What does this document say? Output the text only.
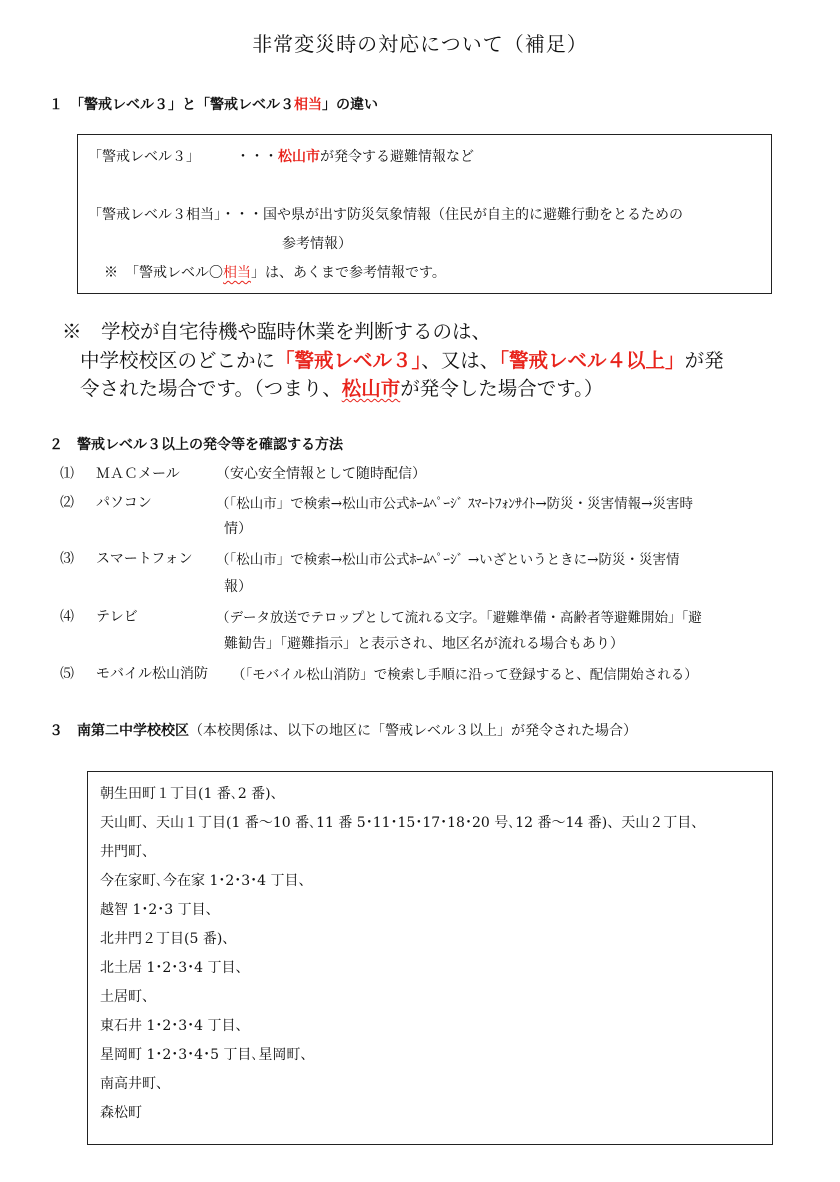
非常変災時の対応について（補足）
１　「警戒レベル３」と「警戒レベル３相当」の違い
「警戒レベル３」	・・・松山市が発令する避難情報など
「警戒レベル３相当」・・・国や県が出す防災気象情報（住民が自主的に避難行動をとるための
参考情報）
※　「警戒レベル〇相当」は、あくまで参考情報です。
※　学校が自宅待機や臨時休業を判断するのは、
中学校校区のどこかに「警戒レベル３」、又は、「警戒レベル４以上」が発
令された場合です。（つまり、松山市が発令した場合です。）
２　警戒レベル３以上の発令等を確認する方法
⑴ ＭＡＣメール	（安心安全情報として随時配信）
⑵ パソコン	（「松山市」で検索→松山市公式ﾎｰﾑﾍﾟｰｼﾞ ｽﾏｰﾄﾌｫﾝｻｲﾄ→防災・災害情報→災害時
情）
⑶ スマートフォン （「松山市」で検索→松山市公式ﾎｰﾑﾍﾟｰｼﾞ →いざというときに→防災・災害情
報）
⑷ テレビ	（データ放送でテロップとして流れる文字。「避難準備・高齢者等避難開始」「避
難勧告」「避難指示」と表示され、地区名が流れる場合もあり）
⑸ モバイル松山消防 （「モバイル松山消防」で検索し手順に沿って登録すると、配信開始される）
３　南第二中学校校区（本校関係は、以下の地区に「警戒レベル３以上」が発令された場合）
朝生田町１丁目(1 番､2 番)、
天山町、天山１丁目(1 番～10 番､11 番 5･11･15･17･18･20 号､12 番～14 番)、天山２丁目、
井門町、
今在家町､今在家 1･2･3･4 丁目、
越智 1･2･3 丁目、
北井門２丁目(5 番)、
北土居 1･2･3･4 丁目、
土居町、
東石井 1･2･3･4 丁目、
星岡町 1･2･3･4･5 丁目､星岡町、
南高井町、
森松町
